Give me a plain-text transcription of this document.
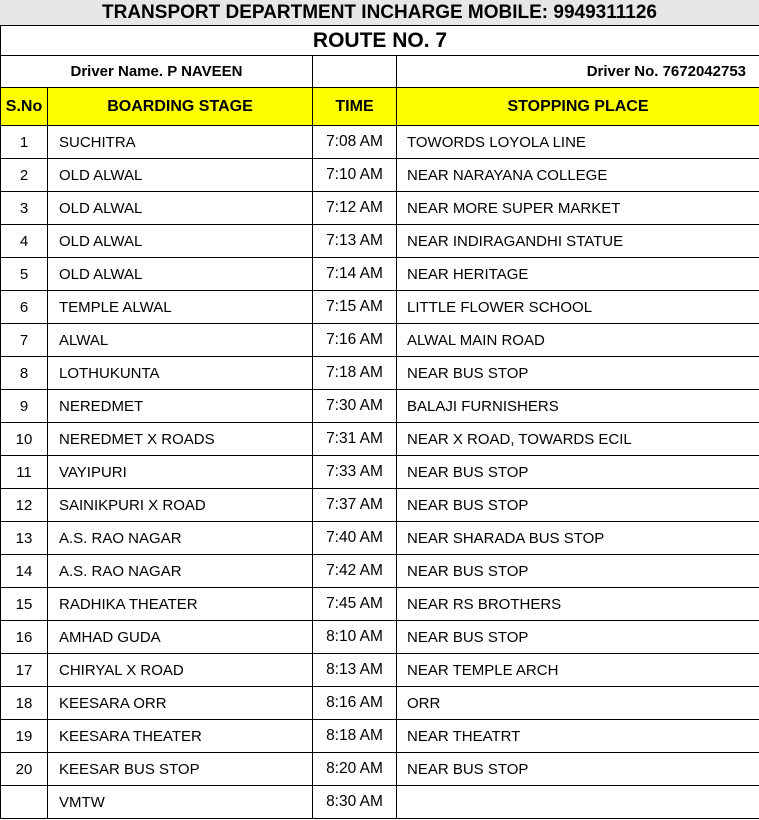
TRANSPORT DEPARTMENT INCHARGE MOBILE: 9949311126
ROUTE NO. 7			
Driver Name. P NAVEEN			Driver No. 7672042753
S.No	BOARDING STAGE	TIME	STOPPING PLACE
1	SUCHITRA	7:08 AM	TOWORDS LOYOLA LINE
2	OLD ALWAL	7:10 AM	NEAR NARAYANA COLLEGE
3	OLD ALWAL	7:12 AM	NEAR MORE SUPER MARKET
4	OLD ALWAL	7:13 AM	NEAR INDIRAGANDHI STATUE
5	OLD ALWAL	7:14 AM	NEAR HERITAGE
6	TEMPLE ALWAL	7:15 AM	LITTLE FLOWER SCHOOL
7	ALWAL	7:16 AM	ALWAL MAIN ROAD
8	LOTHUKUNTA	7:18 AM	NEAR BUS STOP
9	NEREDMET	7:30 AM	BALAJI FURNISHERS
10	NEREDMET X ROADS	7:31 AM	NEAR X ROAD, TOWARDS ECIL
11	VAYIPURI	7:33 AM	NEAR BUS STOP
12	SAINIKPURI X ROAD	7:37 AM	NEAR BUS STOP
13	A.S. RAO NAGAR	7:40 AM	NEAR SHARADA BUS STOP
14	A.S. RAO NAGAR	7:42 AM	NEAR BUS STOP
15	RADHIKA THEATER	7:45 AM	NEAR RS BROTHERS
16	AMHAD GUDA	8:10 AM	NEAR BUS STOP
17	CHIRYAL X ROAD	8:13 AM	NEAR TEMPLE ARCH
18	KEESARA ORR	8:16 AM	ORR
19	KEESARA THEATER	8:18 AM	NEAR THEATRT
20	KEESAR BUS STOP	8:20 AM	NEAR BUS STOP
	VMTW	8:30 AM	
